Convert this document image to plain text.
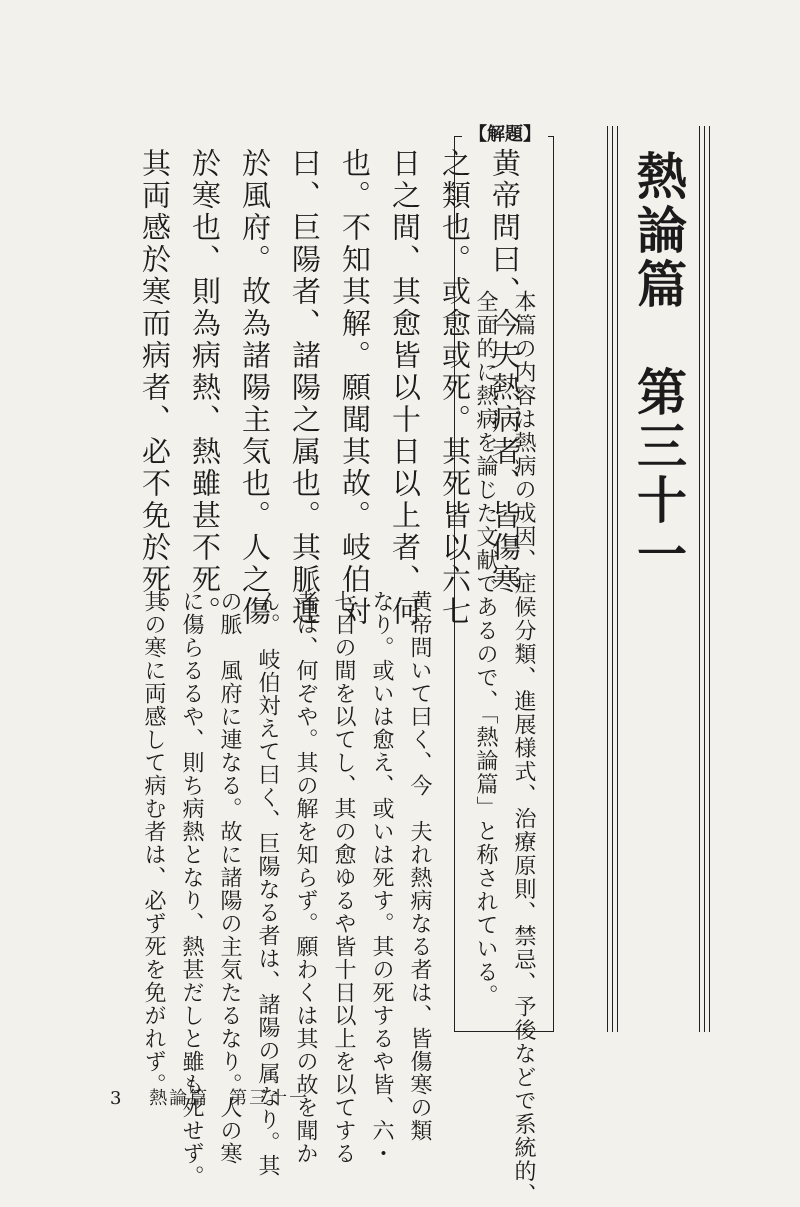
熱論篇　第三十一
【解題】
本篇の内容は熱病の成因、症候分類、進展様式、治療原則、禁忌、予後などで系統的、
全面的に熱病を論じた文献であるので、「熱論篇」と称されている。
黄帝問曰、今夫熱病者、皆傷寒
之類也。或愈或死。其死皆以六七
日之間、其愈皆以十日以上者、何
也。不知其解。願聞其故。岐伯対
曰、巨陽者、諸陽之属也。其脈連
於風府。故為諸陽主気也。人之傷
於寒也、則為病熱、熱雖甚不死。
其両感於寒而病者、必不免於死。
黄帝問いて曰く、今　夫れ熱病なる者は、皆傷寒の類
なり。或いは愈え、或いは死す。其の死するや皆、六・
七日の間を以てし、其の愈ゆるや皆十日以上を以てする
者は、何ぞや。其の解を知らず。願わくは其の故を聞か
ん。　岐伯対えて曰く、巨陽なる者は、諸陽の属なり。其
の脈　風府に連なる。故に諸陽の主気たるなり。人の寒
に傷らるるや、則ち病熱となり、熱甚だしと雖も死せず。
其の寒に両感して病む者は、必ず死を免がれず。
3 熱論篇　第三十一
